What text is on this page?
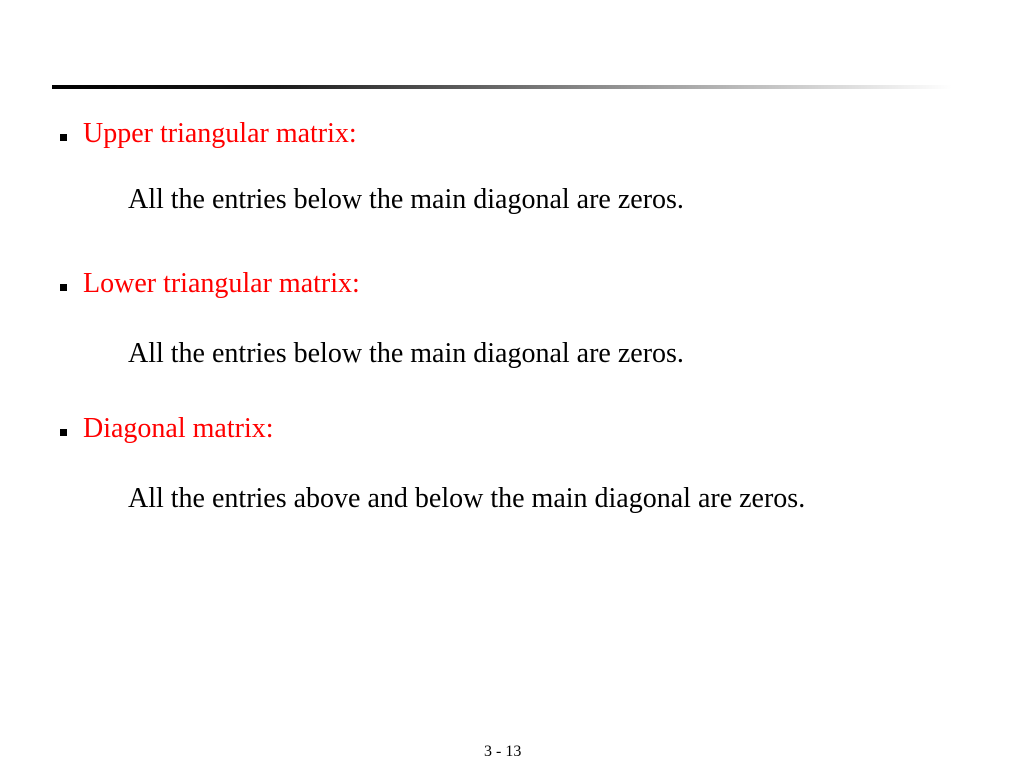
Upper triangular matrix:
All the entries below the main diagonal are zeros.
Lower triangular matrix:
All the entries below the main diagonal are zeros.
Diagonal matrix:
All the entries above and below the main diagonal are zeros.
3 - 13
